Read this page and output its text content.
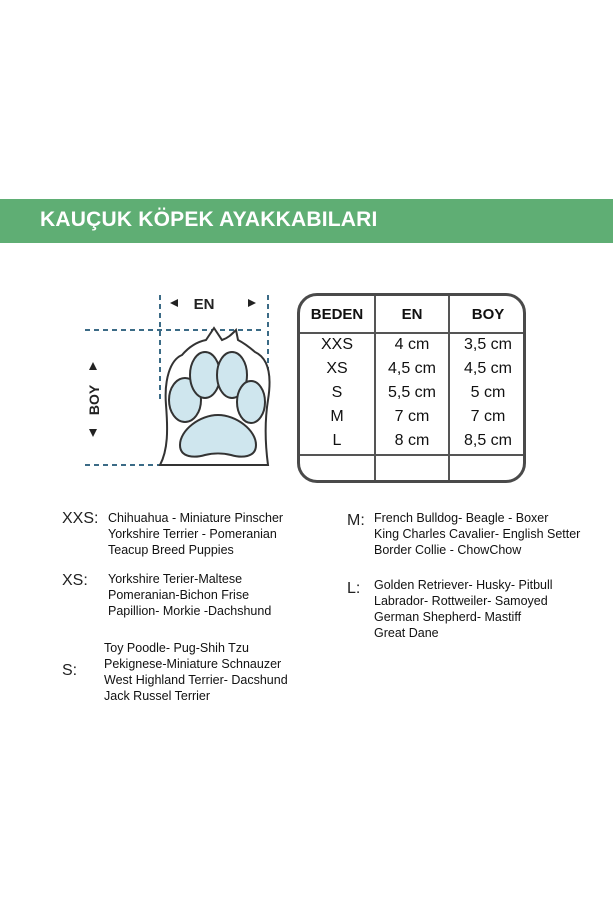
KAUÇUK KÖPEK AYAKKABILARI
EN
BOY
BEDEN	EN	BOY
XXS	4 cm	3,5 cm
XS	4,5 cm	4,5 cm
S	5,5 cm	5 cm
M	7 cm	7 cm
L	8 cm	8,5 cm
XXS: Chihuahua - Miniature Pinscher
Yorkshire Terrier - Pomeranian
Teacup Breed Puppies
XS: Yorkshire Terier-Maltese
Pomeranian-Bichon Frise
Papillion- Morkie -Dachshund
S:
Toy Poodle- Pug-Shih Tzu
Pekignese-Miniature Schnauzer
West Highland Terrier- Dacshund
Jack Russel Terrier
M: French Bulldog- Beagle - Boxer
King Charles Cavalier- English Setter
Border Collie - ChowChow
L: Golden Retriever- Husky- Pitbull
Labrador- Rottweiler- Samoyed
German Shepherd- Mastiff
Great Dane
